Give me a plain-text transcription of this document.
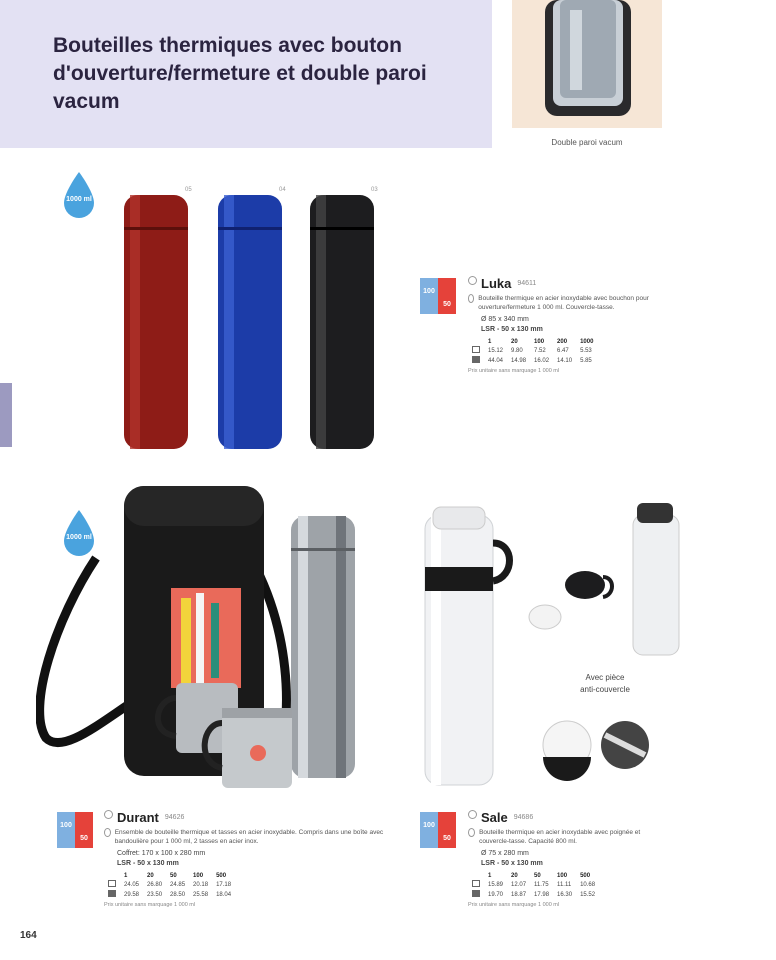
Bouteilles thermiques avec bouton d'ouverture/fermeture et double paroi vacum
Double paroi vacum
1000 ml
05	04	03
100
50
Luka 94611
Bouteille thermique en acier inoxydable avec bouchon pour ouverture/fermeture 1 000 ml. Couvercle-tasse.
Ø 85 x 340 mm
LSR - 50 x 130 mm
	1	20	100	200	1000
	15.12	9.80	7.52	6.47	5.53
	44.04	14.98	16.02	14.10	5.85
Prix unitaire sans marquage 1 000 ml
1000 ml
Avec pièce
anti-couvercle
100
50
Durant 94626
Ensemble de bouteille thermique et tasses en acier inoxydable. Compris dans une boîte avec bandoulière pour 1 000 ml, 2 tasses en acier inox.
Coffret: 170 x 100 x 280 mm
LSR - 50 x 130 mm
	1	20	50	100	500
	24.05	26.80	24.85	20.18	17.18
	29.58	23.50	28.50	25.58	18.04
Prix unitaire sans marquage 1 000 ml
100
50
Sale 94686
Bouteille thermique en acier inoxydable avec poignée et couvercle-tasse. Capacité 800 ml.
Ø 75 x 280 mm
LSR - 50 x 130 mm
	1	20	50	100	500
	15.89	12.07	11.75	11.11	10.68
	19.70	18.87	17.98	16.30	15.52
Prix unitaire sans marquage 1 000 ml
164
